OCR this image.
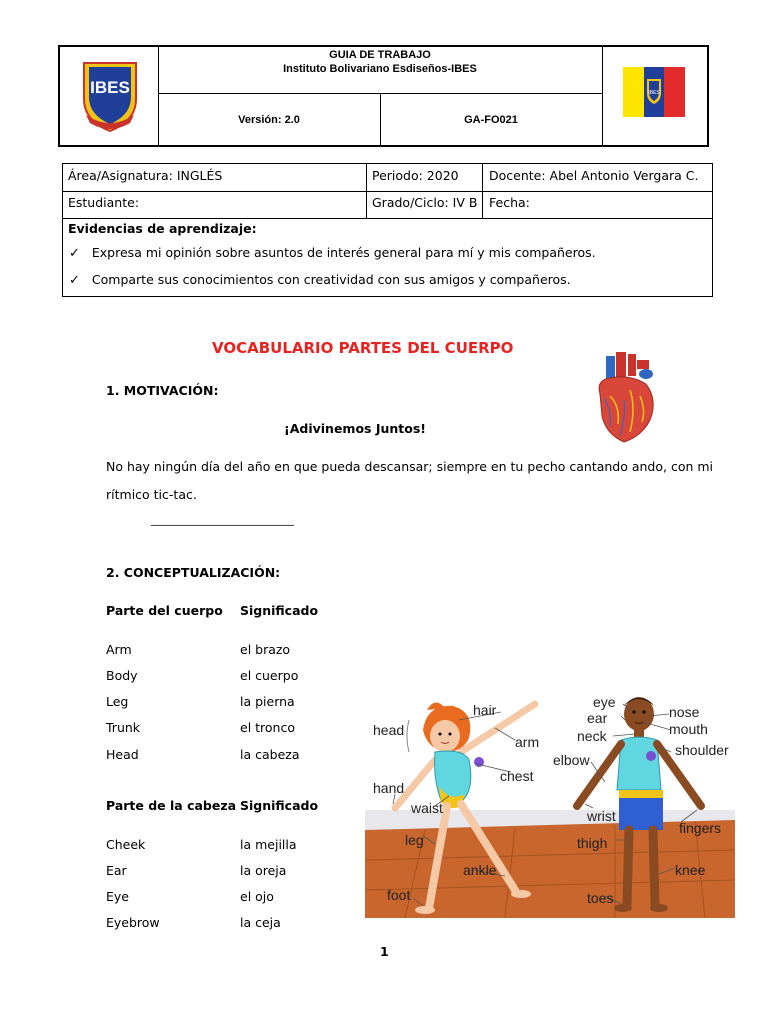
IBES
GUIA DE TRABAJO
Instituto Bolivariano Esdiseños-IBES
Versión: 2.0	GA-FO021
IBES
Área/Asignatura: INGLÉS	Periodo: 2020 Docente: Abel Antonio Vergara C.
Estudiante:	Grado/Ciclo: IV B Fecha:
Evidencias de aprendizaje:
✓ Expresa mi opinión sobre asuntos de interés general para mí y mis compañeros.
✓ Comparte sus conocimientos con creatividad con sus amigos y compañeros.
VOCABULARIO PARTES DEL CUERPO
1. MOTIVACIÓN:
¡Adivinemos Juntos!
No hay ningún día del año en que pueda descansar; siempre en tu pecho cantando ando, con mi
rítmico tic-tac.
__________________________
2. CONCEPTUALIZACIÓN:
Parte del cuerpo Significado
Arm	el brazo
Body	el cuerpo
Leg	la pierna
Trunk	el tronco
Head	la cabeza
Parte de la cabeza Significado
Cheek	la mejilla
Ear	la oreja
Eye	el ojo
Eyebrow	la ceja
hair
head
arm
chest
hand
waist
leg
ankle
foot
eye
ear	nose
neck	mouth
shoulder
elbow
wrist
fingers
thigh
knee
toes
1
